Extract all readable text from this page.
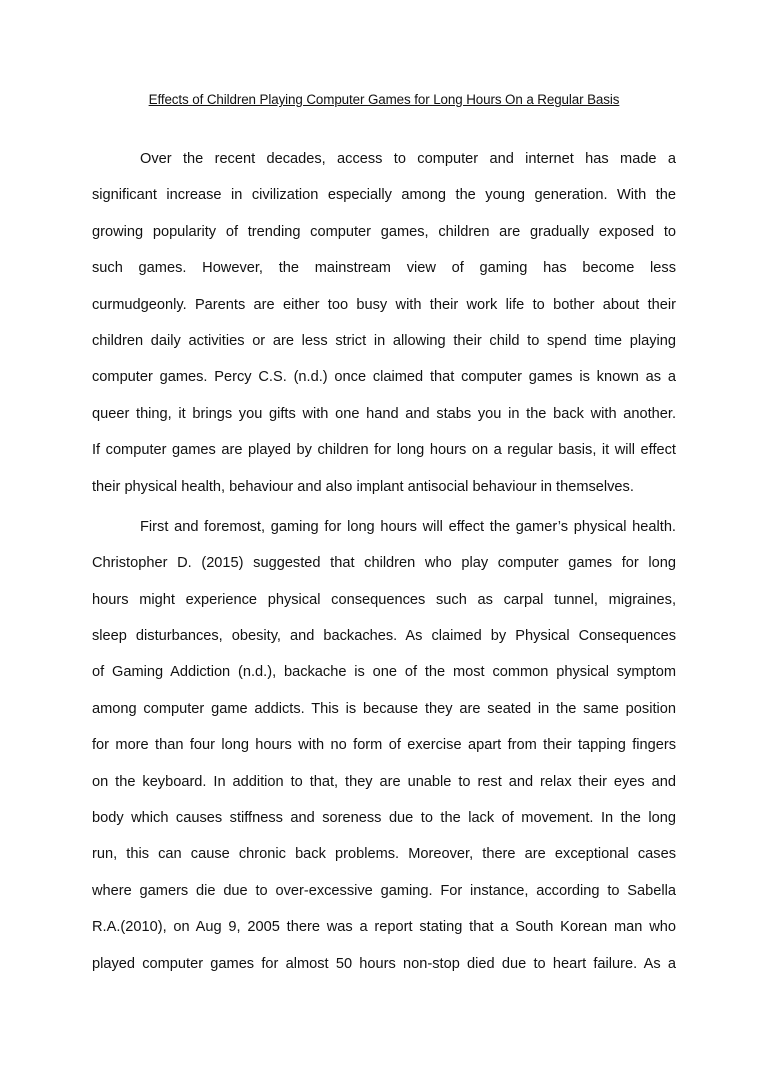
Effects of Children Playing Computer Games for Long Hours On a Regular Basis
Over the recent decades, access to computer and internet has made a
significant increase in civilization especially among the young generation. With the
growing popularity of trending computer games, children are gradually exposed to
such games. However, the mainstream view of gaming has become less
curmudgeonly. Parents are either too busy with their work life to bother about their
children daily activities or are less strict in allowing their child to spend time playing
computer games. Percy C.S. (n.d.) once claimed that computer games is known as a
queer thing, it brings you gifts with one hand and stabs you in the back with another.
If computer games are played by children for long hours on a regular basis, it will effect
their physical health, behaviour and also implant antisocial behaviour in themselves.
First and foremost, gaming for long hours will effect the gamer’s physical health.
Christopher D. (2015) suggested that children who play computer games for long
hours might experience physical consequences such as carpal tunnel, migraines,
sleep disturbances, obesity, and backaches. As claimed by Physical Consequences
of Gaming Addiction (n.d.), backache is one of the most common physical symptom
among computer game addicts. This is because they are seated in the same position
for more than four long hours with no form of exercise apart from their tapping fingers
on the keyboard. In addition to that, they are unable to rest and relax their eyes and
body which causes stiffness and soreness due to the lack of movement. In the long
run, this can cause chronic back problems. Moreover, there are exceptional cases
where gamers die due to over-excessive gaming. For instance, according to Sabella
R.A.(2010), on Aug 9, 2005 there was a report stating that a South Korean man who
played computer games for almost 50 hours non-stop died due to heart failure. As a
